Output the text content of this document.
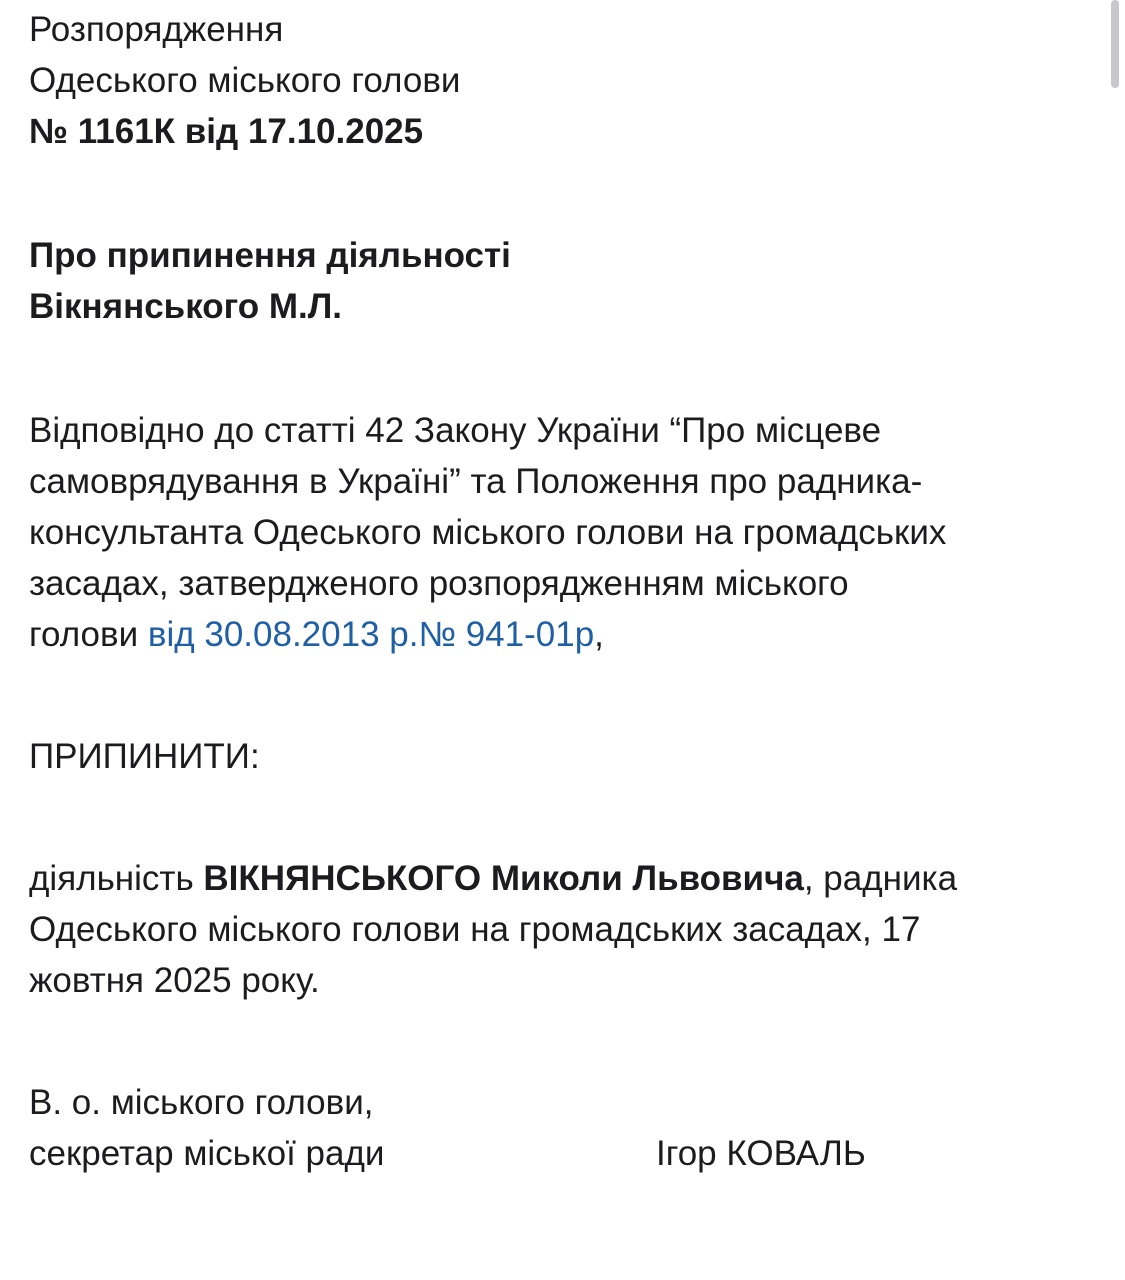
Розпорядження
Одеського міського голови
№ 1161К від 17.10.2025
Про припинення діяльності
Вікнянського М.Л.
Відповідно до статті 42 Закону України “Про місцеве
самоврядування в Україні” та Положення про радника-
консультанта Одеського міського голови на громадських
засадах, затвердженого розпорядженням міського
голови від 30.08.2013 р.№ 941-01р,
ПРИПИНИТИ:
діяльність ВІКНЯНСЬКОГО Миколи Львовича, радника
Одеського міського голови на громадських засадах, 17
жовтня 2025 року.
В. о. міського голови,
секретар міської ради	Ігор КОВАЛЬ
